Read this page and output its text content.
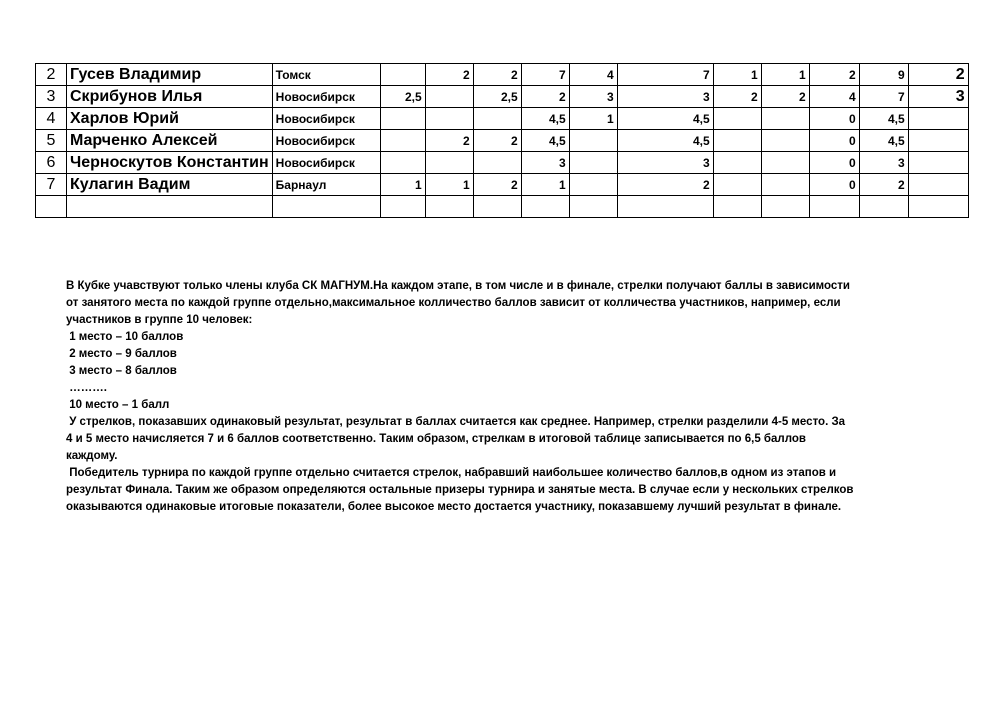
2	Гусев Владимир	Томск		2	2	7	4	7	1	1	2	9	2
3	Скрибунов Илья	Новосибирск	2,5		2,5	2	3	3	2	2	4	7	3
4	Харлов Юрий	Новосибирск				4,5	1	4,5			0	4,5	
5	Марченко Алексей	Новосибирск		2	2	4,5		4,5			0	4,5	
6	Черноскутов Константин	Новосибирск				3		3			0	3	
7	Кулагин Вадим	Барнаул	1	1	2	1		2			0	2	

В Кубке учавствуют только члены клуба СК МАГНУМ.На каждом этапе, в том числе и в финале, стрелки получают баллы в зависимости

от занятого места по каждой группе отдельно,максимальное колличество баллов зависит от колличества участников, например, если

участников в группе 10 человек:

1 место – 10 баллов

2 место – 9 баллов

3 место – 8 баллов

……….

10 место – 1 балл

У стрелков, показавших одинаковый результат, результат в баллах считается как среднее. Например, стрелки разделили 4-5 место. За

4 и 5 место начисляется 7 и 6 баллов соответственно. Таким образом, стрелкам в итоговой таблице записывается по 6,5 баллов

каждому.

Победитель турнира по каждой группе отдельно считается стрелок, набравший наибольшее количество баллов,в одном из этапов и

результат Финала. Таким же образом определяются остальные призеры турнира и занятые места. В случае если у нескольких стрелков

оказываются одинаковые итоговые показатели, более высокое место достается участнику, показавшему лучший результат в финале.
